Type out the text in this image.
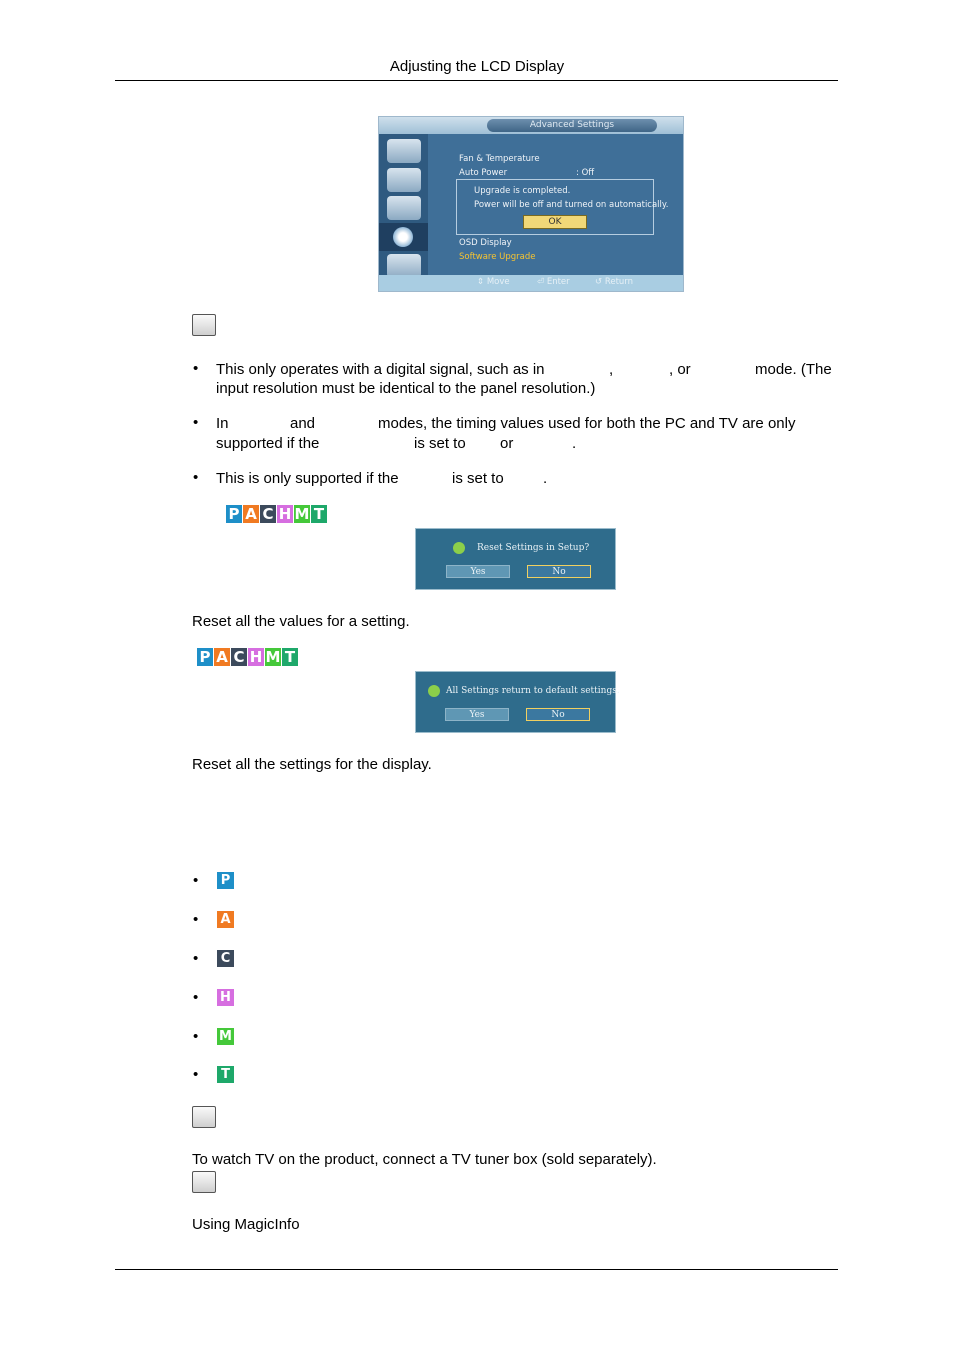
Adjusting the LCD Display
Advanced Settings
Fan & Temperature
Auto Power	: Off
Upgrade is completed.
Power will be off and turned on automatically.
OK
OSD Display
Software Upgrade
⇕ Move	⏎ Enter	↺ Return
• This only operates with a digital signal, such as in	,	, or	mode. (The
input resolution must be identical to the panel resolution.)
• In	and	modes, the timing values used for both the PC and TV are only
supported if the	is set to or	.
• This is only supported if the	is set to	.
P A C H M T
Reset Settings in Setup?
Yes	No
Reset all the values for a setting.
P A C H M T
All Settings return to default settings.
Yes	No
Reset all the settings for the display.
• P
• A
• C
• H
• M
•	T
To watch TV on the product, connect a TV tuner box (sold separately).
Using MagicInfo
